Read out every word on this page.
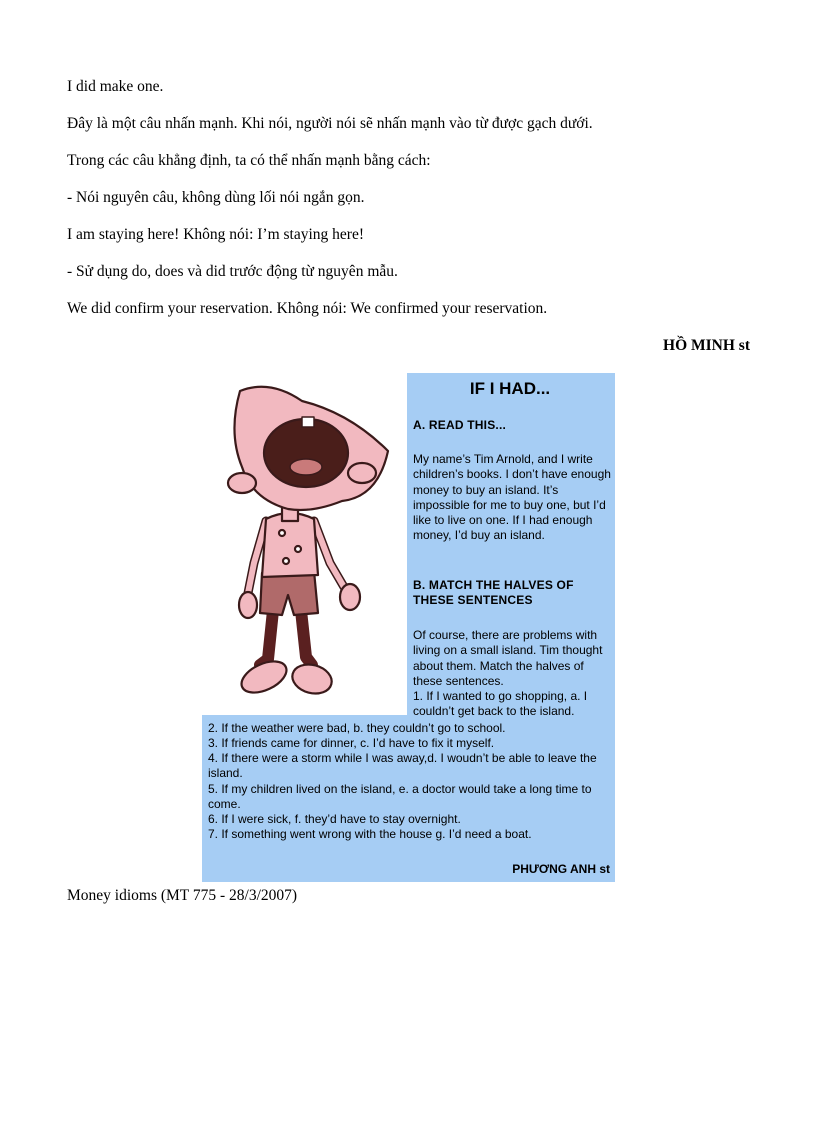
I did make one.

Đây là một câu nhấn mạnh. Khi nói, người nói sẽ nhấn mạnh vào từ được gạch dưới.

Trong các câu khẳng định, ta có thể nhấn mạnh bằng cách:

- Nói nguyên câu, không dùng lối nói ngắn gọn.

I am staying here! Không nói: I’m staying here!

- Sử dụng do, does và did trước động từ nguyên mẫu.

We did confirm your reservation. Không nói: We confirmed your reservation.

HỒ MINH st

IF I HAD...

A. READ THIS...

My name’s Tim Arnold, and I write children’s books. I don’t have enough money to buy an island. It’s impossible for me to buy one, but I’d like to live on one. If I had enough money, I’d buy an island.

B. MATCH THE HALVES OF THESE SENTENCES

Of course, there are problems with living on a small island. Tim thought about them. Match the halves of these sentences.

1. If I wanted to go shopping, a. I couldn’t get back to the island.

2. If the weather were bad, b. they couldn’t go to school.

3. If friends came for dinner, c. I’d have to fix it myself.

4. If there were a storm while I was away,d. I woudn’t be able to leave the island.

5. If my children lived on the island, e. a doctor would take a long time to come.

6. If I were sick, f. they’d have to stay overnight.

7. If something went wrong with the house g. I’d need a boat.

PHƯƠNG ANH st

Money idioms (MT 775 - 28/3/2007)
